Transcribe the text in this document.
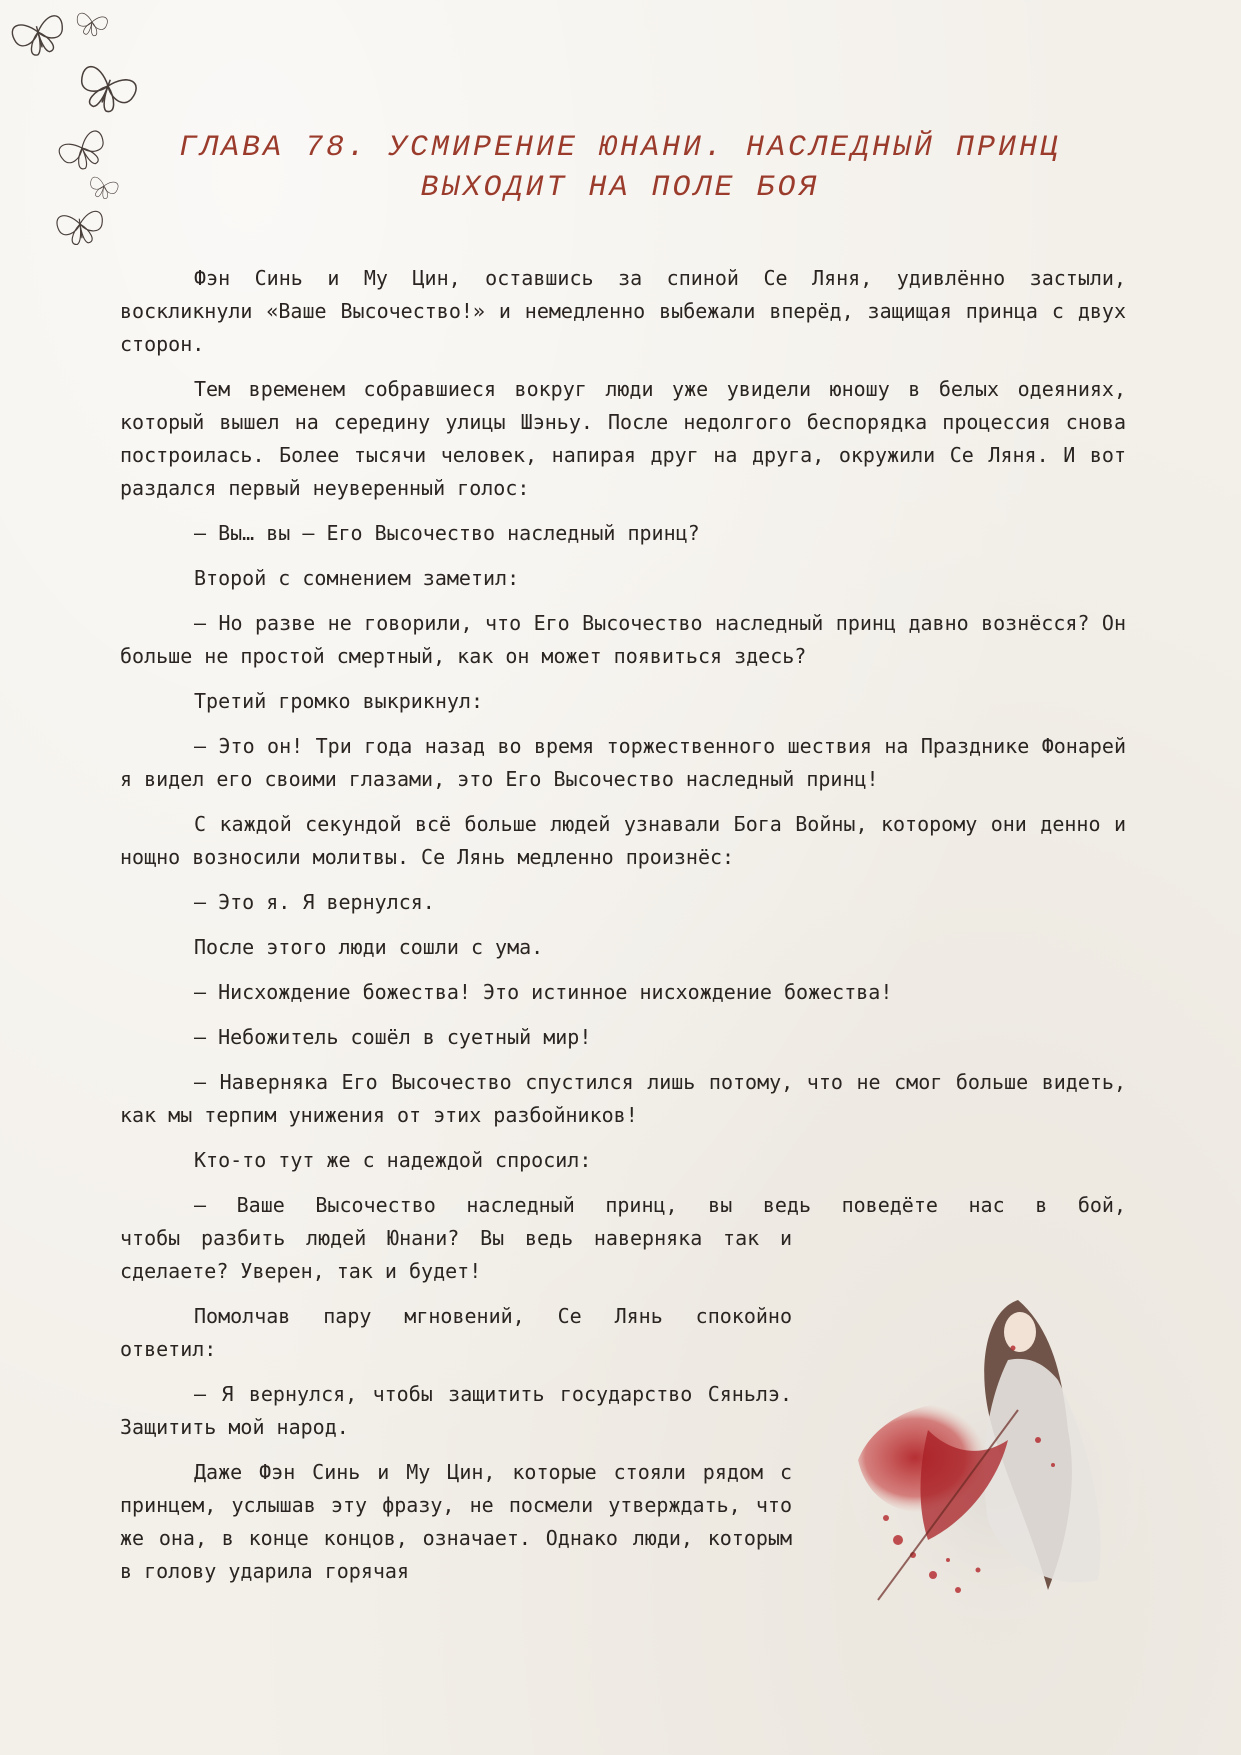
ГЛАВА 78. УСМИРЕНИЕ ЮНАНИ. НАСЛЕДНЫЙ ПРИНЦ
ВЫХОДИТ НА ПОЛЕ БОЯ

Фэн Синь и Му Цин, оставшись за спиной Се Ляня, удивлённо застыли, воскликнули «Ваше Высочество!» и немедленно выбежали вперёд, защищая принца с двух сторон.

Тем временем собравшиеся вокруг люди уже увидели юношу в белых одеяниях, который вышел на середину улицы Шэньу. После недолгого беспорядка процессия снова построилась. Более тысячи человек, напирая друг на друга, окружили Се Ляня. И вот раздался первый неуверенный голос:

— Вы… вы — Его Высочество наследный принц?

Второй с сомнением заметил:

— Но разве не говорили, что Его Высочество наследный принц давно вознёсся? Он больше не простой смертный, как он может появиться здесь?

Третий громко выкрикнул:

— Это он! Три года назад во время торжественного шествия на Празднике Фонарей я видел его своими глазами, это Его Высочество наследный принц!

С каждой секундой всё больше людей узнавали Бога Войны, которому они денно и нощно возносили молитвы. Се Лянь медленно произнёс:

— Это я. Я вернулся.

После этого люди сошли с ума.

— Нисхождение божества! Это истинное нисхождение божества!

— Небожитель сошёл в суетный мир!

— Наверняка Его Высочество спустился лишь потому, что не смог больше видеть, как мы терпим унижения от этих разбойников!

Кто-то тут же с надеждой спросил:

— Ваше Высочество наследный принц, вы ведь поведёте нас в бой,
чтобы разбить людей Юнани? Вы ведь наверняка так и сделаете? Уверен, так и будет!

Помолчав пару мгновений, Се Лянь спокойно ответил:

— Я вернулся, чтобы защитить государство Сяньлэ. Защитить мой народ.

Даже Фэн Синь и Му Цин, которые стояли рядом с принцем, услышав эту фразу, не посмели утверждать, что же она, в конце концов, означает. Однако люди, которым в голову ударила горячая
